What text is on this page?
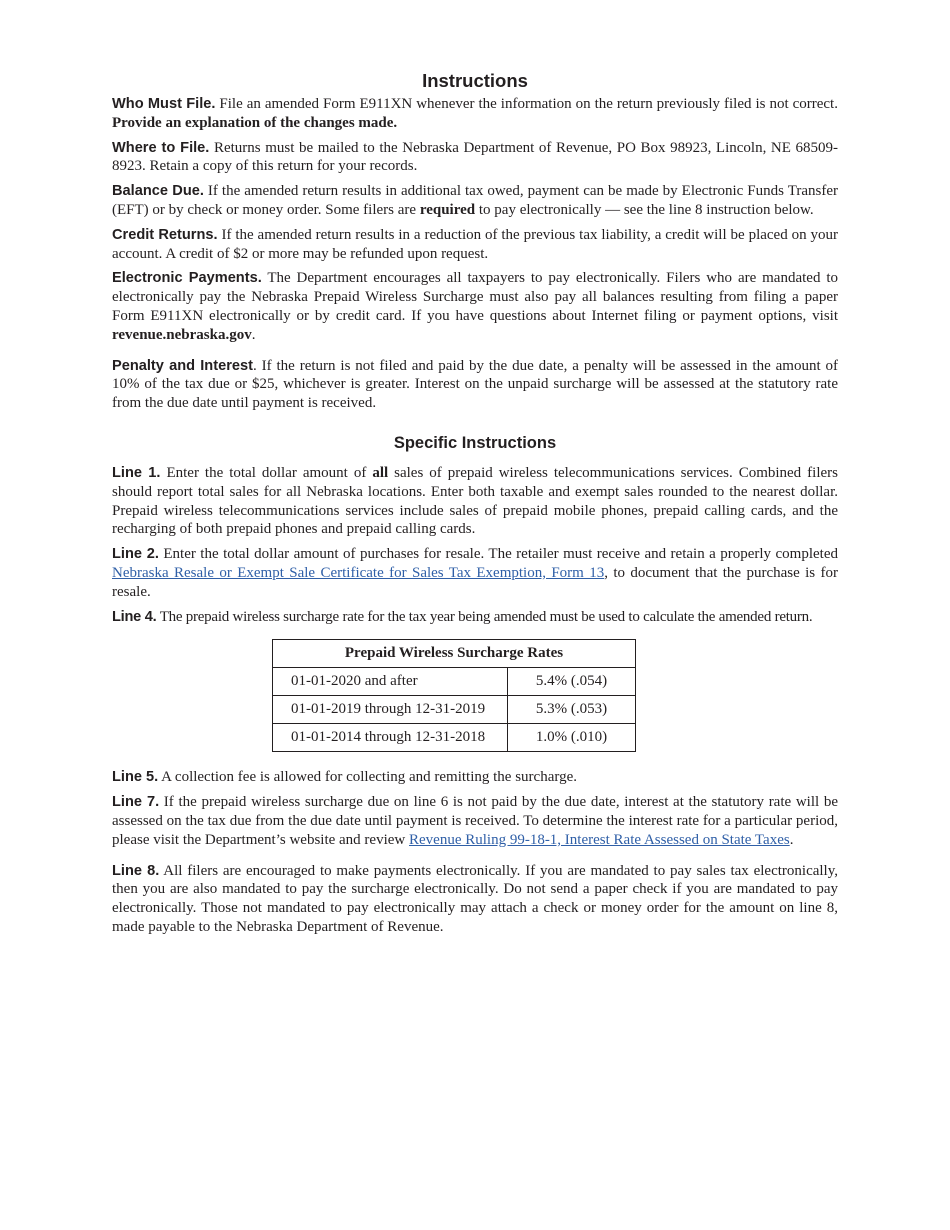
Instructions

Who Must File. File an amended Form E911XN whenever the information on the return previously filed is not correct. Provide an explanation of the changes made.

Where to File. Returns must be mailed to the Nebraska Department of Revenue, PO Box 98923, Lincoln, NE 68509-8923. Retain a copy of this return for your records.

Balance Due. If the amended return results in additional tax owed, payment can be made by Electronic Funds Transfer (EFT) or by check or money order. Some filers are required to pay electronically — see the line 8 instruction below.

Credit Returns. If the amended return results in a reduction of the previous tax liability, a credit will be placed on your account. A credit of $2 or more may be refunded upon request.

Electronic Payments. The Department encourages all taxpayers to pay electronically. Filers who are mandated to electronically pay the Nebraska Prepaid Wireless Surcharge must also pay all balances resulting from filing a paper Form E911XN electronically or by credit card. If you have questions about Internet filing or payment options, visit revenue.nebraska.gov.

Penalty and Interest. If the return is not filed and paid by the due date, a penalty will be assessed in the amount of 10% of the tax due or $25, whichever is greater. Interest on the unpaid surcharge will be assessed at the statutory rate from the due date until payment is received.

Specific Instructions

Line 1. Enter the total dollar amount of all sales of prepaid wireless telecommunications services. Combined filers should report total sales for all Nebraska locations. Enter both taxable and exempt sales rounded to the nearest dollar. Prepaid wireless telecommunications services include sales of prepaid mobile phones, prepaid calling cards, and the recharging of both prepaid phones and prepaid calling cards.

Line 2. Enter the total dollar amount of purchases for resale. The retailer must receive and retain a properly completed Nebraska Resale or Exempt Sale Certificate for Sales Tax Exemption, Form 13, to document that the purchase is for resale.

Line 4. The prepaid wireless surcharge rate for the tax year being amended must be used to calculate the amended return.

Prepaid Wireless Surcharge Rates	
01-01-2020 and after	5.4% (.054)
01-01-2019 through 12-31-2019	5.3% (.053)
01-01-2014 through 12-31-2018	1.0% (.010)

Line 5. A collection fee is allowed for collecting and remitting the surcharge.

Line 7. If the prepaid wireless surcharge due on line 6 is not paid by the due date, interest at the statutory rate will be assessed on the tax due from the due date until payment is received. To determine the interest rate for a particular period, please visit the Department’s website and review Revenue Ruling 99-18-1, Interest Rate Assessed on State Taxes.

Line 8. All filers are encouraged to make payments electronically. If you are mandated to pay sales tax electronically, then you are also mandated to pay the surcharge electronically. Do not send a paper check if you are mandated to pay electronically. Those not mandated to pay electronically may attach a check or money order for the amount on line 8, made payable to the Nebraska Department of Revenue.
